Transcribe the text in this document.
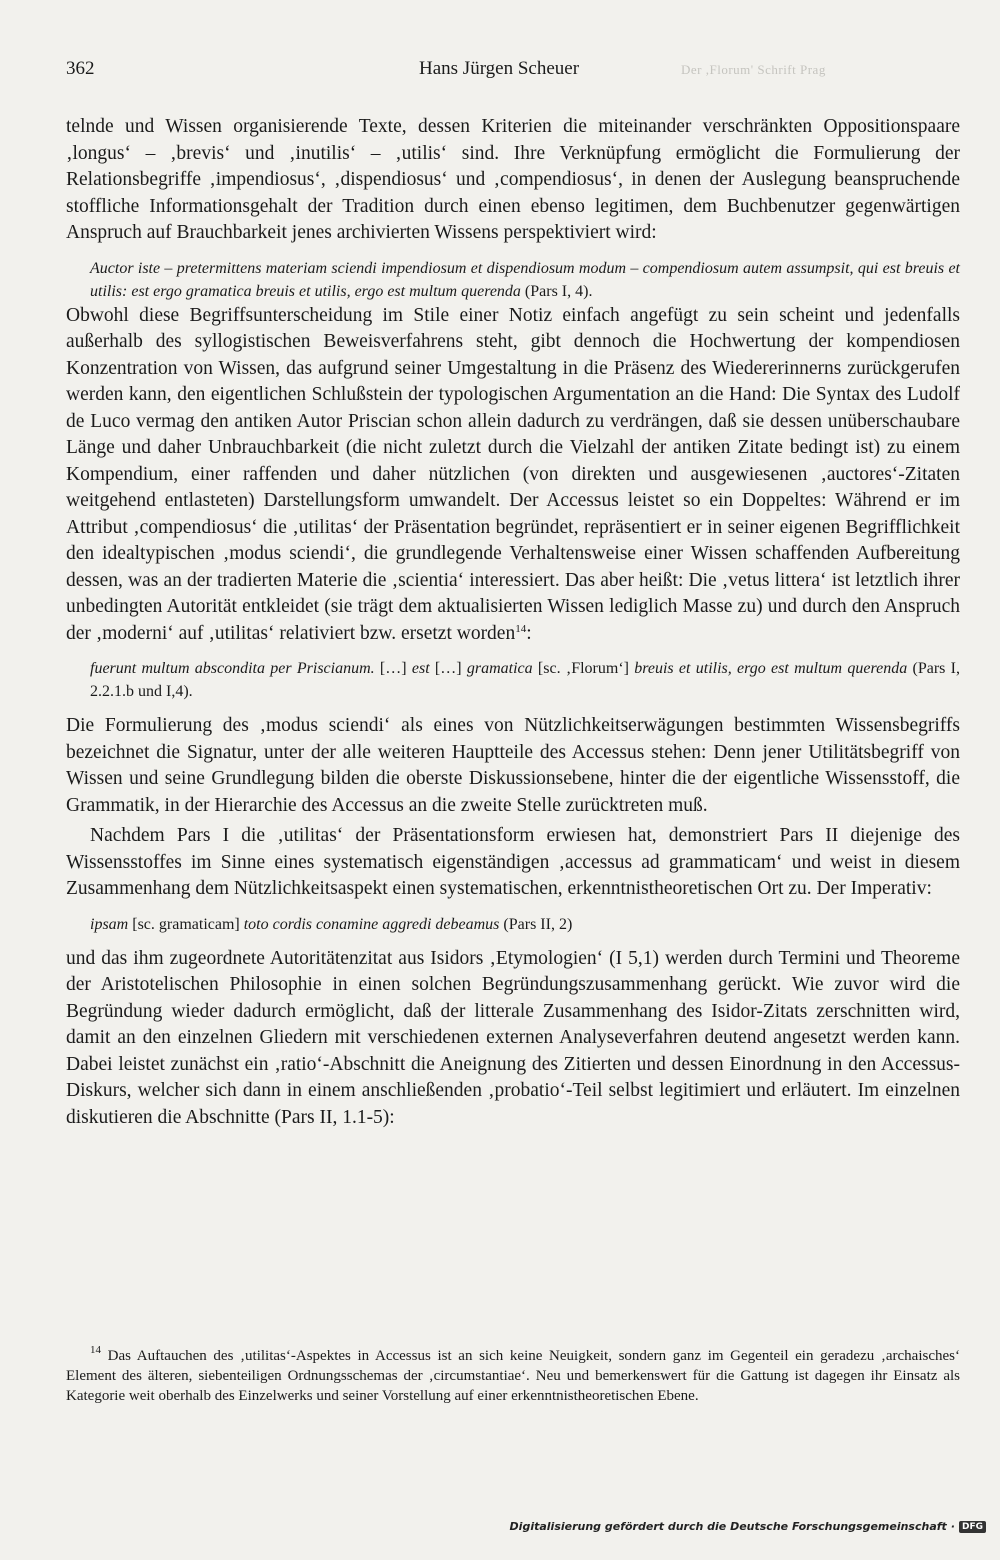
362	Hans Jürgen Scheuer	Der ,Florum' Schrift Prag

telnde und Wissen organisierende Texte, dessen Kriterien die miteinander verschränkten Oppositionspaare ‚longus‘ – ‚brevis‘ und ‚inutilis‘ – ‚utilis‘ sind. Ihre Verknüpfung ermöglicht die Formulierung der Relationsbegriffe ‚impendiosus‘, ‚dispendiosus‘ und ‚compendiosus‘, in denen der Auslegung beanspruchende stoffliche Informationsgehalt der Tradition durch einen ebenso legitimen, dem Buchbenutzer gegenwärtigen Anspruch auf Brauchbarkeit jenes archivierten Wissens perspektiviert wird:

Auctor iste – pretermittens materiam sciendi impendiosum et dispendiosum modum – compendiosum autem assumpsit, qui est breuis et utilis: est ergo gramatica breuis et utilis, ergo est multum querenda (Pars I, 4).

Obwohl diese Begriffsunterscheidung im Stile einer Notiz einfach angefügt zu sein scheint und jedenfalls außerhalb des syllogistischen Beweisverfahrens steht, gibt dennoch die Hochwertung der kompendiosen Konzentration von Wissen, das aufgrund seiner Umgestaltung in die Präsenz des Wiedererinnerns zurückgerufen werden kann, den eigentlichen Schlußstein der typologischen Argumentation an die Hand: Die Syntax des Ludolf de Luco vermag den antiken Autor Priscian schon allein dadurch zu verdrängen, daß sie dessen unüberschaubare Länge und daher Unbrauchbarkeit (die nicht zuletzt durch die Vielzahl der antiken Zitate bedingt ist) zu einem Kompendium, einer raffenden und daher nützlichen (von direkten und ausgewiesenen ‚auctores‘-Zitaten weitgehend entlasteten) Darstellungsform umwandelt. Der Accessus leistet so ein Doppeltes: Während er im Attribut ‚compendiosus‘ die ‚utilitas‘ der Präsentation begründet, repräsentiert er in seiner eigenen Begrifflichkeit den idealtypischen ‚modus sciendi‘, die grundlegende Verhaltensweise einer Wissen schaffenden Aufbereitung dessen, was an der tradierten Materie die ‚scientia‘ interessiert. Das aber heißt: Die ‚vetus littera‘ ist letztlich ihrer unbedingten Autorität entkleidet (sie trägt dem aktualisierten Wissen lediglich Masse zu) und durch den Anspruch der ‚moderni‘ auf ‚utilitas‘ relativiert bzw. ersetzt worden$^{14}$:

fuerunt multum abscondita per Priscianum. […] est […] gramatica [sc. ‚Florum‘] breuis et utilis, ergo est multum querenda (Pars I, 2.2.1.b und I,4).

Die Formulierung des ‚modus sciendi‘ als eines von Nützlichkeitserwägungen bestimmten Wissensbegriffs bezeichnet die Signatur, unter der alle weiteren Hauptteile des Accessus stehen: Denn jener Utilitätsbegriff von Wissen und seine Grundlegung bilden die oberste Diskussionsebene, hinter die der eigentliche Wissensstoff, die Grammatik, in der Hierarchie des Accessus an die zweite Stelle zurücktreten muß.

Nachdem Pars I die ‚utilitas‘ der Präsentationsform erwiesen hat, demonstriert Pars II diejenige des Wissensstoffes im Sinne eines systematisch eigenständigen ‚accessus ad grammaticam‘ und weist in diesem Zusammenhang dem Nützlichkeitsaspekt einen systematischen, erkenntnistheoretischen Ort zu. Der Imperativ:

ipsam [sc. gramaticam] toto cordis conamine aggredi debeamus (Pars II, 2)

und das ihm zugeordnete Autoritätenzitat aus Isidors ‚Etymologien‘ (I 5,1) werden durch Termini und Theoreme der Aristotelischen Philosophie in einen solchen Begründungszusammenhang gerückt. Wie zuvor wird die Begründung wieder dadurch ermöglicht, daß der litterale Zusammenhang des Isidor-Zitats zerschnitten wird, damit an den einzelnen Gliedern mit verschiedenen externen Analyseverfahren deutend angesetzt werden kann. Dabei leistet zunächst ein ‚ratio‘-Abschnitt die Aneignung des Zitierten und dessen Einordnung in den Accessus-Diskurs, welcher sich dann in einem anschließenden ‚probatio‘-Teil selbst legitimiert und erläutert. Im einzelnen diskutieren die Abschnitte (Pars II, 1.1-5):

$^{14}$ Das Auftauchen des ‚utilitas‘-Aspektes in Accessus ist an sich keine Neuigkeit, sondern ganz im Gegenteil ein geradezu ‚archaisches‘ Element des älteren, siebenteiligen Ordnungsschemas der ‚circumstantiae‘. Neu und bemerkenswert für die Gattung ist dagegen ihr Einsatz als Kategorie weit oberhalb des Einzelwerks und seiner Vorstellung auf einer erkenntnistheoretischen Ebene.

Digitalisierung gefördert durch die Deutsche Forschungsgemeinschaft · DFG
